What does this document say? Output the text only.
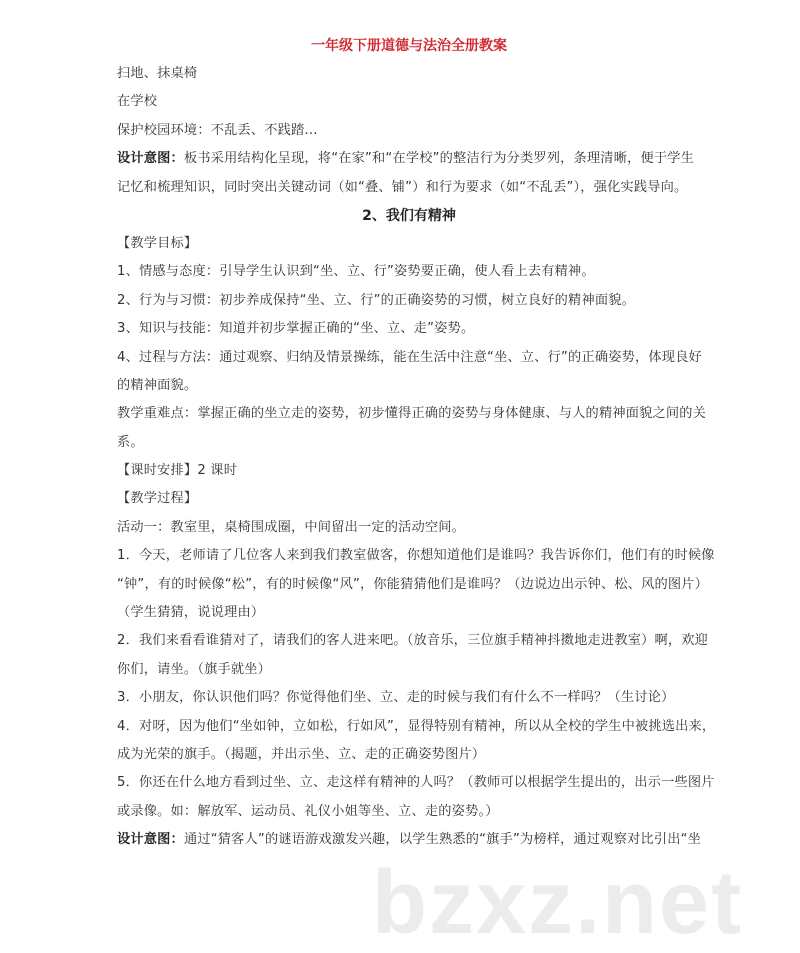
一年级下册道德与法治全册教案
扫地、抹桌椅
在学校
保护校园环境：不乱丢、不践踏...
设计意图：板书采用结构化呈现，将“在家”和“在学校”的整洁行为分类罗列，条理清晰，便于学生
记忆和梳理知识，同时突出关键动词（如“叠、铺”）和行为要求（如“不乱丢”），强化实践导向。
2、我们有精神
【教学目标】
1、情感与态度：引导学生认识到“坐、立、行”姿势要正确，使人看上去有精神。
2、行为与习惯：初步养成保持“坐、立、行”的正确姿势的习惯，树立良好的精神面貌。
3、知识与技能：知道并初步掌握正确的“坐、立、走”姿势。
4、过程与方法：通过观察、归纳及情景操练，能在生活中注意“坐、立、行”的正确姿势，体现良好
的精神面貌。
教学重难点：掌握正确的坐立走的姿势，初步懂得正确的姿势与身体健康、与人的精神面貌之间的关
系。
【课时安排】2 课时
【教学过程】
活动一：教室里，桌椅围成圈，中间留出一定的活动空间。
1．今天，老师请了几位客人来到我们教室做客，你想知道他们是谁吗？我告诉你们，他们有的时候像
“钟”，有的时候像“松”，有的时候像“风”，你能猜猜他们是谁吗？（边说边出示钟、松、风的图片）
（学生猜猜，说说理由）
2．我们来看看谁猜对了，请我们的客人进来吧。（放音乐，三位旗手精神抖擞地走进教室）啊，欢迎
你们，请坐。（旗手就坐）
3．小朋友，你认识他们吗？你觉得他们坐、立、走的时候与我们有什么不一样吗？（生讨论）
4．对呀，因为他们“坐如钟，立如松，行如风”，显得特别有精神，所以从全校的学生中被挑选出来，
成为光荣的旗手。（揭题，并出示坐、立、走的正确姿势图片）
5．你还在什么地方看到过坐、立、走这样有精神的人吗？（教师可以根据学生提出的，出示一些图片
或录像。如：解放军、运动员、礼仪小姐等坐、立、走的姿势。）
设计意图：通过“猜客人”的谜语游戏激发兴趣，以学生熟悉的“旗手”为榜样，通过观察对比引出“坐
bzxz.net
